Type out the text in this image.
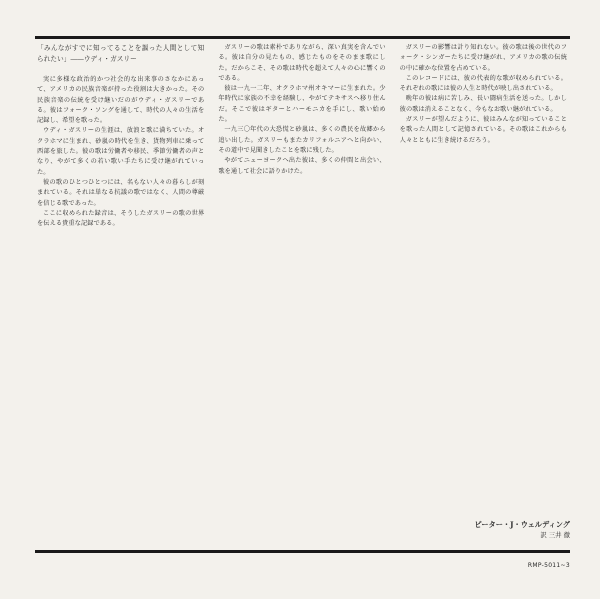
「みんながすでに知ってることを謳った人間として知られたい」――ウディ・ガスリー

実に多様な政治的かつ社会的な出来事のさなかにあって、アメリカの民族音楽が持った役割は大きかった。その民族音楽の伝統を受け継いだのがウディ・ガスリーである。彼はフォーク・ソングを通して、時代の人々の生活を記録し、希望を歌った。

ウディ・ガスリーの生涯は、放浪と歌に満ちていた。オクラホマに生まれ、砂嵐の時代を生き、貨物列車に乗って西部を旅した。彼の歌は労働者や移民、季節労働者の声となり、やがて多くの若い歌い手たちに受け継がれていった。

彼の歌のひとつひとつには、名もない人々の暮らしが刻まれている。それは単なる抗議の歌ではなく、人間の尊厳を信じる歌であった。

ここに収められた録音は、そうしたガスリーの歌の世界を伝える貴重な記録である。

ガスリーの歌は素朴でありながら、深い真実を含んでいる。彼は自分の見たもの、感じたものをそのまま歌にした。だからこそ、その歌は時代を超えて人々の心に響くのである。

彼は一九一二年、オクラホマ州オキマーに生まれた。少年時代に家族の不幸を経験し、やがてテキサスへ移り住んだ。そこで彼はギターとハーモニカを手にし、歌い始めた。

一九三〇年代の大恐慌と砂嵐は、多くの農民を故郷から追い出した。ガスリーもまたカリフォルニアへと向かい、その道中で見聞きしたことを歌に残した。

やがてニューヨークへ出た彼は、多くの仲間と出会い、歌を通して社会に語りかけた。

ガスリーの影響は計り知れない。彼の歌は後の世代のフォーク・シンガーたちに受け継がれ、アメリカの歌の伝統の中に確かな位置を占めている。

このレコードには、彼の代表的な歌が収められている。それぞれの歌には彼の人生と時代が映し出されている。

晩年の彼は病に苦しみ、長い闘病生活を送った。しかし彼の歌は消えることなく、今もなお歌い継がれている。

ガスリーが望んだように、彼はみんなが知っていることを歌った人間として記憶されている。その歌はこれからも人々とともに生き続けるだろう。

ピーター・J・ウェルディング
訳 三井 徹
RMP-5011~3
